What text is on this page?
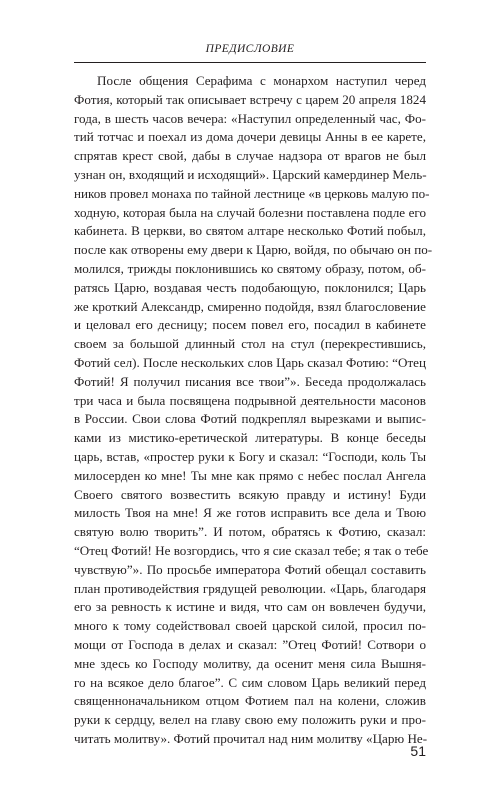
ПРЕДИСЛОВИЕ
После общения Серафима с монархом наступил черед
Фотия, который так описывает встречу с царем 20 апреля 1824
года, в шесть часов вечера: «Наступил определенный час, Фо-
тий тотчас и поехал из дома дочери девицы Анны в ее карете,
спрятав крест свой, дабы в случае надзора от врагов не был
узнан он, входящий и исходящий». Царский камердинер Мель-
ников провел монаха по тайной лестнице «в церковь малую по-
ходную, которая была на случай болезни поставлена подле его
кабинета. В церкви, во святом алтаре несколько Фотий побыл,
после как отворены ему двери к Царю, войдя, по обычаю он по-
молился, трижды поклонившись ко святому образу, потом, об-
ратясь Царю, воздавая честь подобающую, поклонился; Царь
же кроткий Александр, смиренно подойдя, взял благословение
и целовал его десницу; посем повел его, посадил в кабинете
своем за большой длинный стол на стул (перекрестившись,
Фотий сел). После нескольких слов Царь сказал Фотию: “Отец
Фотий! Я получил писания все твои”». Беседа продолжалась
три часа и была посвящена подрывной деятельности масонов
в России. Свои слова Фотий подкреплял вырезками и выпис-
ками из мистико-еретической литературы. В конце беседы
царь, встав, «простер руки к Богу и сказал: “Господи, коль Ты
милосерден ко мне! Ты мне как прямо с небес послал Ангела
Своего святого возвестить всякую правду и истину! Буди
милость Твоя на мне! Я же готов исправить все дела и Твою
святую волю творить”. И потом, обратясь к Фотию, сказал:
“Отец Фотий! Не возгордись, что я сие сказал тебе; я так о тебе
чувствую”». По просьбе императора Фотий обещал составить
план противодействия грядущей революции. «Царь, благодаря
его за ревность к истине и видя, что сам он вовлечен будучи,
много к тому содействовал своей царской силой, просил по-
мощи от Господа в делах и сказал: ”Отец Фотий! Сотвори о
мне здесь ко Господу молитву, да осенит меня сила Вышня-
го на всякое дело благое”. С сим словом Царь великий перед
священноначальником отцом Фотием пал на колени, сложив
руки к сердцу, велел на главу свою ему положить руки и про-
читать молитву». Фотий прочитал над ним молитву «Царю Не-
51
